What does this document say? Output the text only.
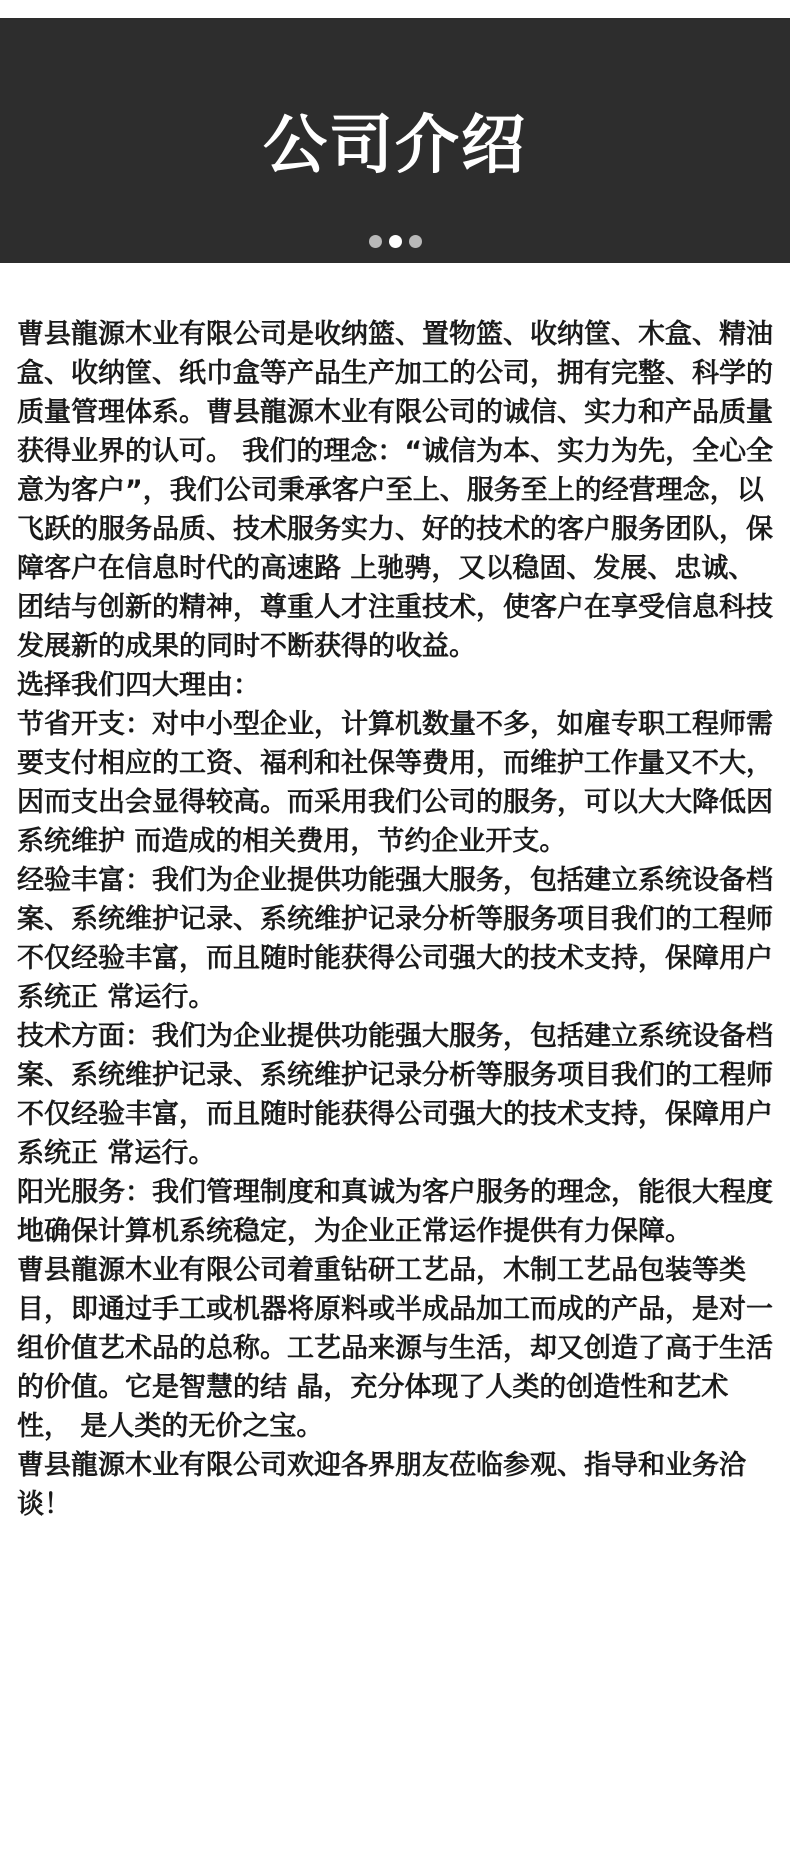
公司介绍

曹县龍源木业有限公司是收纳篮、置物篮、收纳筐、木盒、精油盒、收纳筐、纸巾盒等产品生产加工的公司，拥有完整、科学的质量管理体系。曹县龍源木业有限公司的诚信、实力和产品质量获得业界的认可。 我们的理念：“诚信为本、实力为先，全心全意为客户”，我们公司秉承客户至上、服务至上的经营理念，以飞跃的服务品质、技术服务实力、好的技术的客户服务团队，保障客户在信息时代的高速路 上驰骋，又以稳固、发展、忠诚、团结与创新的精神，尊重人才注重技术，使客户在享受信息科技发展新的成果的同时不断获得的收益。

选择我们四大理由：

节省开支：对中小型企业，计算机数量不多，如雇专职工程师需要支付相应的工资、福利和社保等费用，而维护工作量又不大，因而支出会显得较高。而采用我们公司的服务，可以大大降低因系统维护 而造成的相关费用，节约企业开支。

经验丰富：我们为企业提供功能强大服务，包括建立系统设备档案、系统维护记录、系统维护记录分析等服务项目我们的工程师不仅经验丰富，而且随时能获得公司强大的技术支持，保障用户系统正 常运行。

技术方面：我们为企业提供功能强大服务，包括建立系统设备档案、系统维护记录、系统维护记录分析等服务项目我们的工程师不仅经验丰富，而且随时能获得公司强大的技术支持，保障用户系统正 常运行。

阳光服务：我们管理制度和真诚为客户服务的理念，能很大程度地确保计算机系统稳定，为企业正常运作提供有力保障。

曹县龍源木业有限公司着重钻研工艺品，木制工艺品包装等类目，即通过手工或机器将原料或半成品加工而成的产品，是对一组价值艺术品的总称。工艺品来源与生活，却又创造了高于生活的价值。它是智慧的结 晶，充分体现了人类的创造性和艺术性， 是人类的无价之宝。

曹县龍源木业有限公司欢迎各界朋友莅临参观、指导和业务洽谈！
